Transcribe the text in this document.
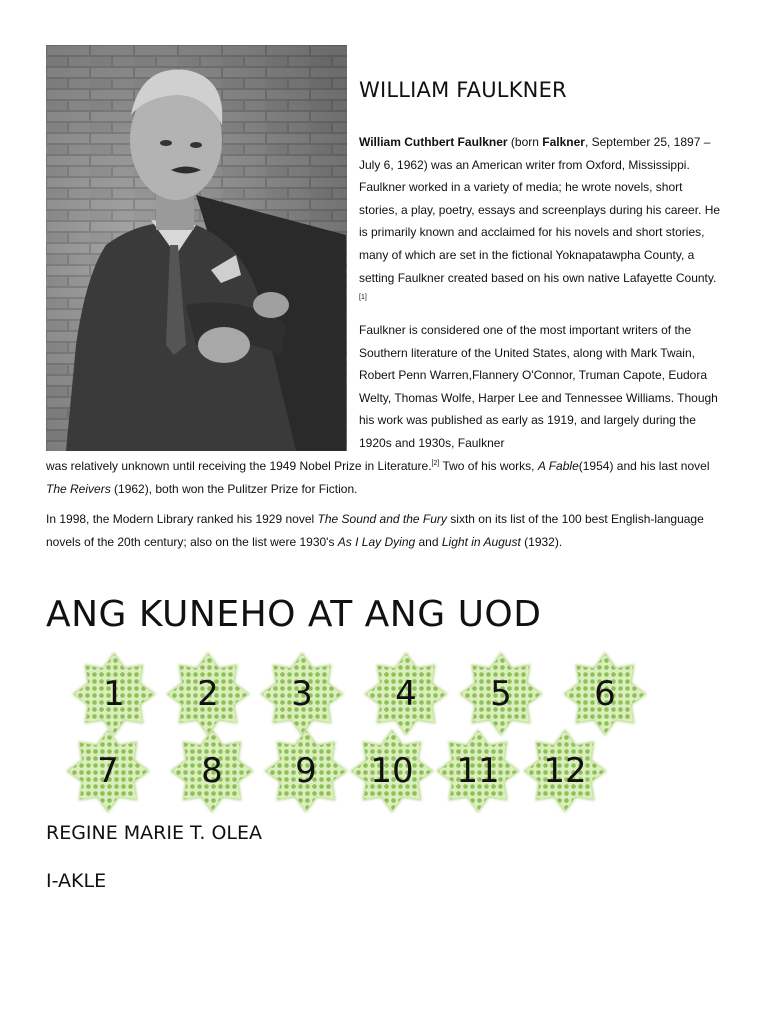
WILLIAM FAULKNER

William Cuthbert Faulkner (born Falkner, September 25, 1897 – July 6, 1962) was an American writer from Oxford, Mississippi. Faulkner worked in a variety of media; he wrote novels, short stories, a play, poetry, essays and screenplays during his career. He is primarily known and acclaimed for his novels and short stories, many of which are set in the fictional Yoknapatawpha County, a setting Faulkner created based on his own native Lafayette County.[1]

Faulkner is considered one of the most important writers of the Southern literature of the United States, along with Mark Twain, Robert Penn Warren,Flannery O'Connor, Truman Capote, Eudora Welty, Thomas Wolfe, Harper Lee and Tennessee Williams. Though his work was published as early as 1919, and largely during the 1920s and 1930s, Faulkner

was relatively unknown until receiving the 1949 Nobel Prize in Literature.[2] Two of his works, A Fable(1954) and his last novel The Reivers (1962), both won the Pulitzer Prize for Fiction.

In 1998, the Modern Library ranked his 1929 novel The Sound and the Fury sixth on its list of the 100 best English-language novels of the 20th century; also on the list were 1930's As I Lay Dying and Light in August (1932).

ANG KUNEHO AT ANG UOD
1	2	3	4	5	6
7	8	9	10	11	12

REGINE MARIE T. OLEA

I-AKLE
